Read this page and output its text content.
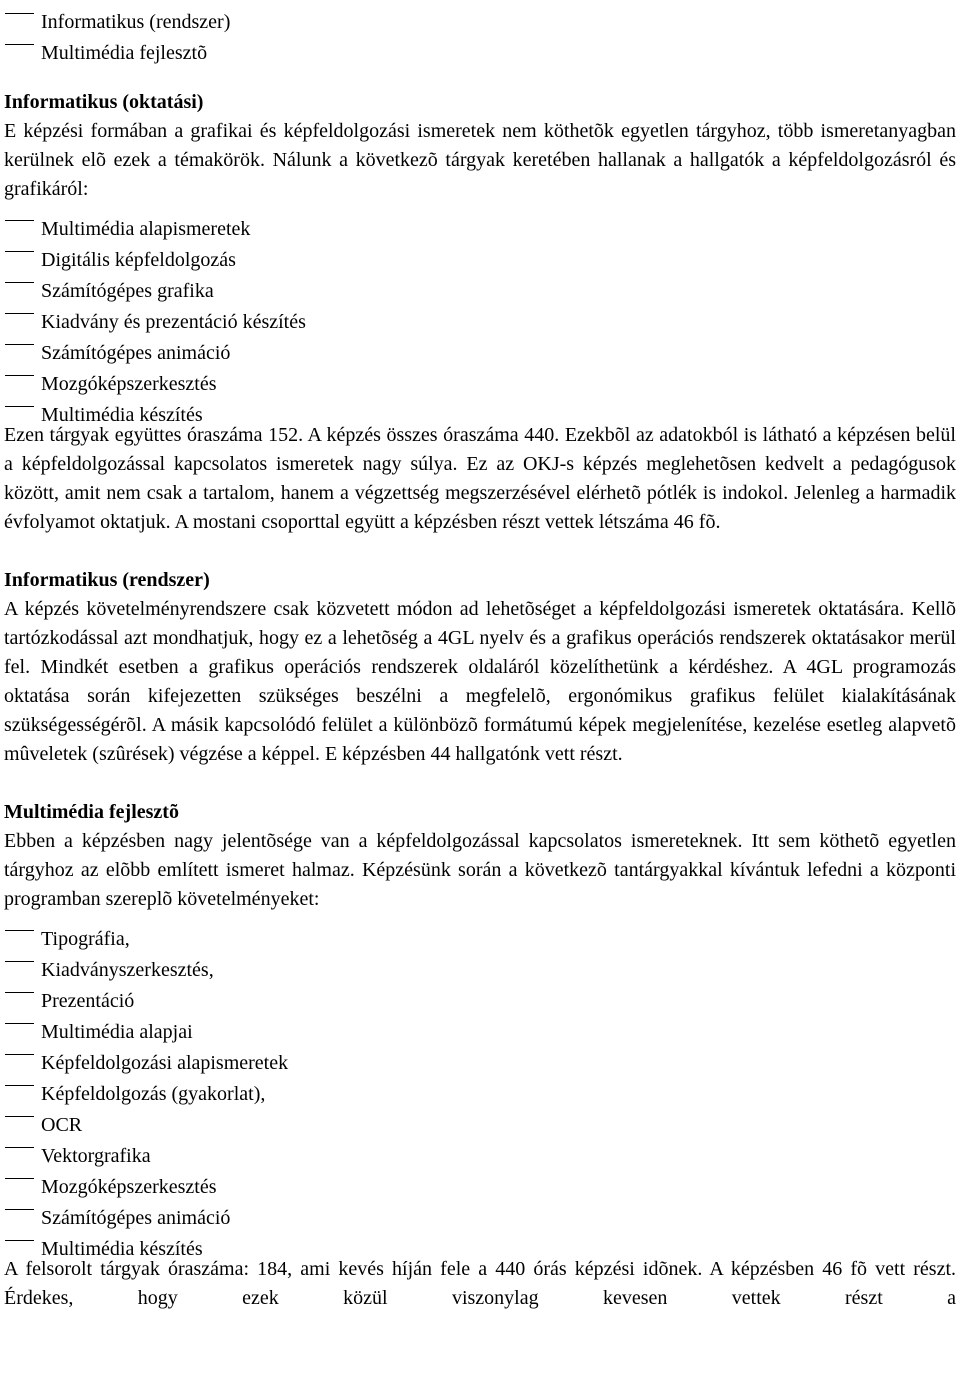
Informatikus (rendszer)
Multimédia fejlesztõ

Informatikus (oktatási)

E képzési formában a grafikai és képfeldolgozási ismeretek nem köthetõk egyetlen tárgyhoz, több ismeretanyagban kerülnek elõ ezek a témakörök. Nálunk a következõ tárgyak keretében hallanak a hallgatók a képfeldolgozásról és grafikáról:

Multimédia alapismeretek
Digitális képfeldolgozás
Számítógépes grafika
Kiadvány és prezentáció készítés
Számítógépes animáció
Mozgóképszerkesztés
Multimédia készítés

Ezen tárgyak együttes óraszáma 152. A képzés összes óraszáma 440. Ezekbõl az adatokból is látható a képzésen belül a képfeldolgozással kapcsolatos ismeretek nagy súlya. Ez az OKJ-s képzés meglehetõsen kedvelt a pedagógusok között, amit nem csak a tartalom, hanem a végzettség megszerzésével elérhetõ pótlék is indokol. Jelenleg a harmadik évfolyamot oktatjuk. A mostani csoporttal együtt a képzésben részt vettek létszáma 46 fõ.

Informatikus (rendszer)

A képzés követelményrendszere csak közvetett módon ad lehetõséget a képfeldolgozási ismeretek oktatására. Kellõ tartózkodással azt mondhatjuk, hogy ez a lehetõség a 4GL nyelv és a grafikus operációs rendszerek oktatásakor merül fel. Mindkét esetben a grafikus operációs rendszerek oldaláról közelíthetünk a kérdéshez. A 4GL programozás oktatása során kifejezetten szükséges beszélni a megfelelõ, ergonómikus grafikus felület kialakításának szükségességérõl. A másik kapcsolódó felület a különbözõ formátumú képek megjelenítése, kezelése esetleg alapvetõ mûveletek (szûrések) végzése a képpel. E képzésben 44 hallgatónk vett részt.

Multimédia fejlesztõ

Ebben a képzésben nagy jelentõsége van a képfeldolgozással kapcsolatos ismereteknek. Itt sem köthetõ egyetlen tárgyhoz az elõbb említett ismeret halmaz. Képzésünk során a következõ tantárgyakkal kívántuk lefedni a központi programban szereplõ követelményeket:

Tipográfia,
Kiadványszerkesztés,
Prezentáció
Multimédia alapjai
Képfeldolgozási alapismeretek
Képfeldolgozás (gyakorlat),
OCR
Vektorgrafika
Mozgóképszerkesztés
Számítógépes animáció
Multimédia készítés

A felsorolt tárgyak óraszáma: 184, ami kevés híján fele a 440 órás képzési idõnek. A képzésben 46 fõ vett részt. Érdekes, hogy ezek közül viszonylag kevesen vettek részt a
